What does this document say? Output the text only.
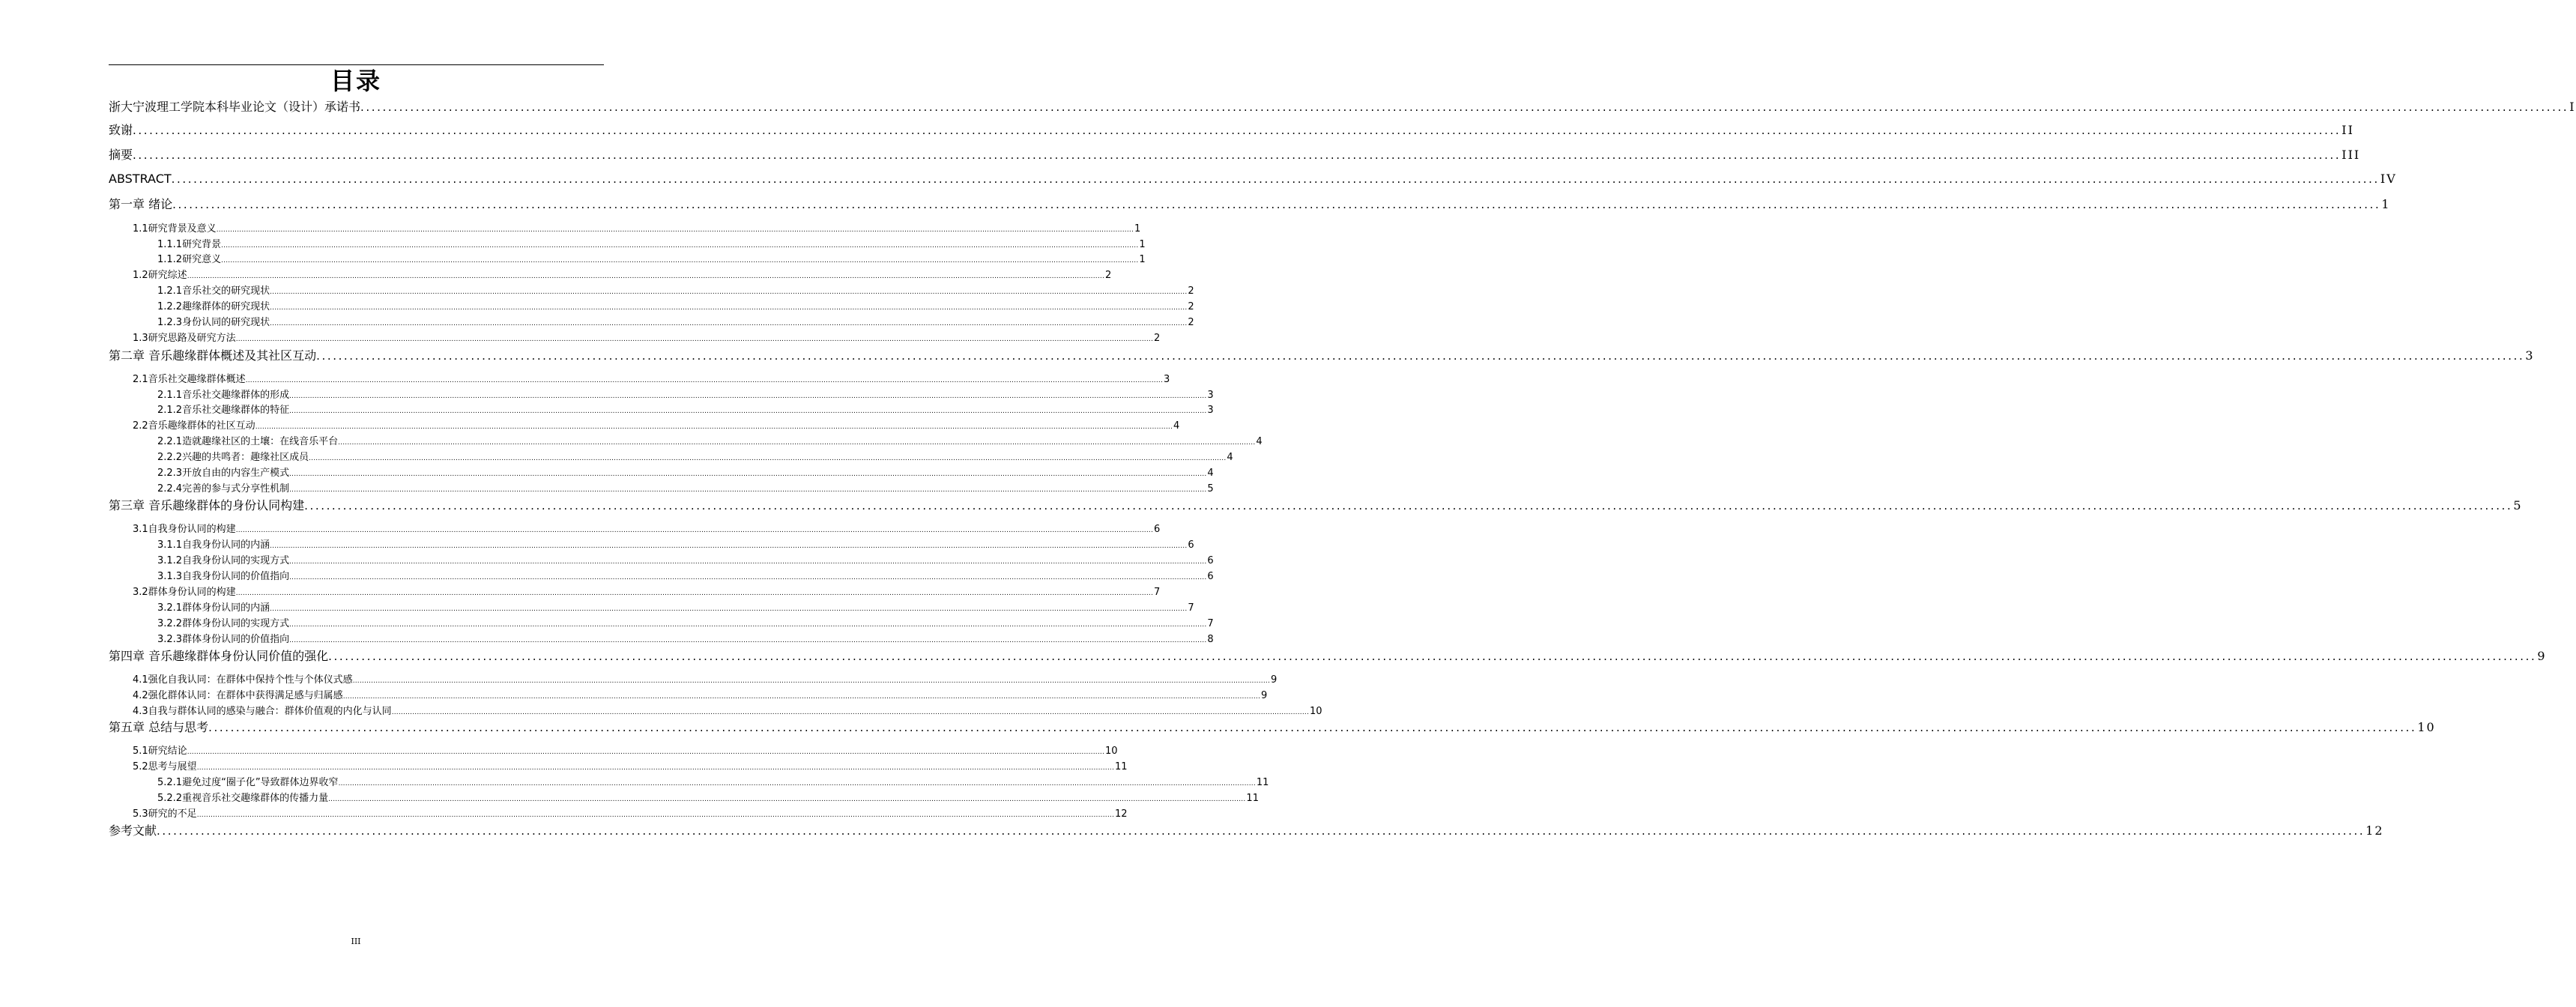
目录
浙大宁波理工学院本科毕业论文（设计）承诺书 ................................................................................................................................................................................................................................................................................................................................................................................................................ I
致谢 ................................................................................................................................................................................................................................................................................................................................................................................................................ II
摘要 ................................................................................................................................................................................................................................................................................................................................................................................................................ III
ABSTRACT ................................................................................................................................................................................................................................................................................................................................................................................................................ IV
第一章 绪论 ................................................................................................................................................................................................................................................................................................................................................................................................................ 1
1.1研究背景及意义 ................................................................................................................................................................................................................................................................................................................................................................................................................ 1
1.1.1研究背景 ................................................................................................................................................................................................................................................................................................................................................................................................................ 1
1.1.2研究意义 ................................................................................................................................................................................................................................................................................................................................................................................................................ 1
1.2研究综述 ................................................................................................................................................................................................................................................................................................................................................................................................................ 2
1.2.1音乐社交的研究现状 ................................................................................................................................................................................................................................................................................................................................................................................................................ 2
1.2.2趣缘群体的研究现状 ................................................................................................................................................................................................................................................................................................................................................................................................................ 2
1.2.3身份认同的研究现状 ................................................................................................................................................................................................................................................................................................................................................................................................................ 2
1.3研究思路及研究方法 ................................................................................................................................................................................................................................................................................................................................................................................................................ 2
第二章 音乐趣缘群体概述及其社区互动 ................................................................................................................................................................................................................................................................................................................................................................................................................ 3
2.1音乐社交趣缘群体概述 ................................................................................................................................................................................................................................................................................................................................................................................................................ 3
2.1.1音乐社交趣缘群体的形成 ................................................................................................................................................................................................................................................................................................................................................................................................................ 3
2.1.2音乐社交趣缘群体的特征 ................................................................................................................................................................................................................................................................................................................................................................................................................ 3
2.2音乐趣缘群体的社区互动 ................................................................................................................................................................................................................................................................................................................................................................................................................ 4
2.2.1造就趣缘社区的土壤：在线音乐平台 ................................................................................................................................................................................................................................................................................................................................................................................................................ 4
2.2.2兴趣的共鸣者：趣缘社区成员 ................................................................................................................................................................................................................................................................................................................................................................................................................ 4
2.2.3开放自由的内容生产模式 ................................................................................................................................................................................................................................................................................................................................................................................................................ 4
2.2.4完善的参与式分享性机制 ................................................................................................................................................................................................................................................................................................................................................................................................................ 5
第三章 音乐趣缘群体的身份认同构建 ................................................................................................................................................................................................................................................................................................................................................................................................................ 5
3.1自我身份认同的构建 ................................................................................................................................................................................................................................................................................................................................................................................................................ 6
3.1.1自我身份认同的内涵 ................................................................................................................................................................................................................................................................................................................................................................................................................ 6
3.1.2自我身份认同的实现方式 ................................................................................................................................................................................................................................................................................................................................................................................................................ 6
3.1.3自我身份认同的价值指向 ................................................................................................................................................................................................................................................................................................................................................................................................................ 6
3.2群体身份认同的构建 ................................................................................................................................................................................................................................................................................................................................................................................................................ 7
3.2.1群体身份认同的内涵 ................................................................................................................................................................................................................................................................................................................................................................................................................ 7
3.2.2群体身份认同的实现方式 ................................................................................................................................................................................................................................................................................................................................................................................................................ 7
3.2.3群体身份认同的价值指向 ................................................................................................................................................................................................................................................................................................................................................................................................................ 8
第四章 音乐趣缘群体身份认同价值的强化 ................................................................................................................................................................................................................................................................................................................................................................................................................ 9
4.1强化自我认同：在群体中保持个性与个体仪式感 ................................................................................................................................................................................................................................................................................................................................................................................................................ 9
4.2强化群体认同：在群体中获得满足感与归属感 ................................................................................................................................................................................................................................................................................................................................................................................................................ 9
4.3自我与群体认同的感染与融合：群体价值观的内化与认同 ................................................................................................................................................................................................................................................................................................................................................................................................................ 10
第五章 总结与思考 ................................................................................................................................................................................................................................................................................................................................................................................................................ 10
5.1研究结论 ................................................................................................................................................................................................................................................................................................................................................................................................................ 10
5.2思考与展望 ................................................................................................................................................................................................................................................................................................................................................................................................................ 11
5.2.1避免过度“圈子化”导致群体边界收窄 ................................................................................................................................................................................................................................................................................................................................................................................................................ 11
5.2.2重视音乐社交趣缘群体的传播力量 ................................................................................................................................................................................................................................................................................................................................................................................................................ 11
5.3研究的不足 ................................................................................................................................................................................................................................................................................................................................................................................................................ 12
参考文献 ................................................................................................................................................................................................................................................................................................................................................................................................................ 12
III
